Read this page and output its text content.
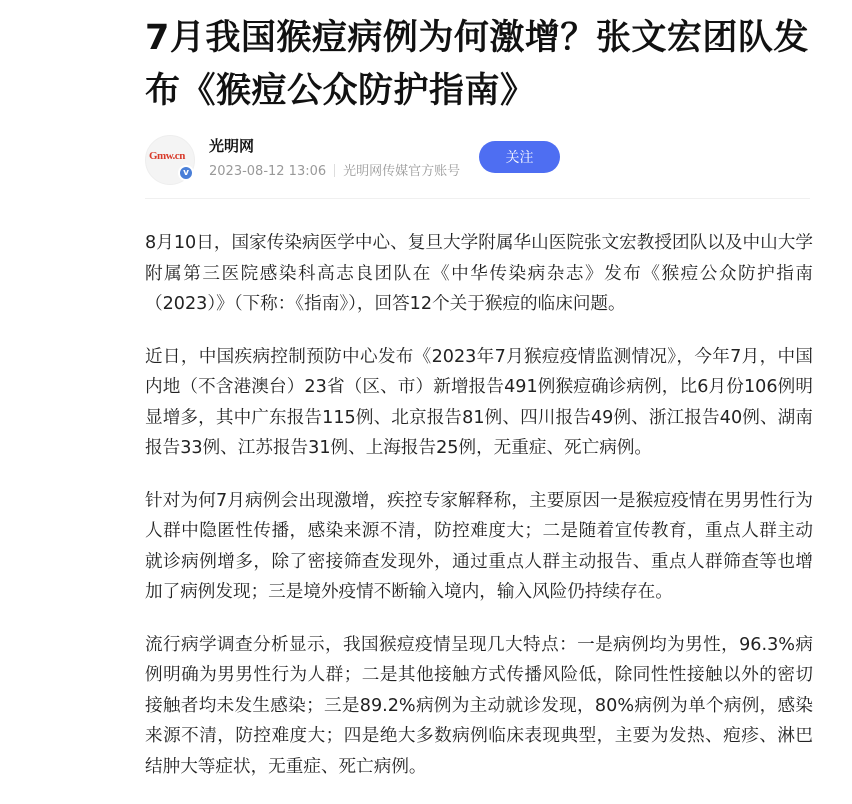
7月我国猴痘病例为何激增？张文宏团队发布《猴痘公众防护指南》
Gmw.cn
v
光明网
2023-08-12 13:06 光明网传媒官方账号
关注

8月10日，国家传染病医学中心、复旦大学附属华山医院张文宏教授团队以及中山大学附属第三医院感染科高志良团队在《中华传染病杂志》发布《猴痘公众防护指南（2023）》（下称：《指南》），回答12个关于猴痘的临床问题。

近日，中国疾病控制预防中心发布《2023年7月猴痘疫情监测情况》，今年7月，中国内地（不含港澳台）23省（区、市）新增报告491例猴痘确诊病例，比6月份106例明显增多，其中广东报告115例、北京报告81例、四川报告49例、浙江报告40例、湖南报告33例、江苏报告31例、上海报告25例，无重症、死亡病例。

针对为何7月病例会出现激增，疾控专家解释称，主要原因一是猴痘疫情在男男性行为人群中隐匿性传播，感染来源不清，防控难度大；二是随着宣传教育，重点人群主动就诊病例增多，除了密接筛查发现外，通过重点人群主动报告、重点人群筛查等也增加了病例发现；三是境外疫情不断输入境内，输入风险仍持续存在。

流行病学调查分析显示，我国猴痘疫情呈现几大特点：一是病例均为男性，96.3%病例明确为男男性行为人群；二是其他接触方式传播风险低，除同性性接触以外的密切接触者均未发生感染；三是89.2%病例为主动就诊发现，80%病例为单个病例，感染来源不清，防控难度大；四是绝大多数病例临床表现典型，主要为发热、疱疹、淋巴结肿大等症状，无重症、死亡病例。
